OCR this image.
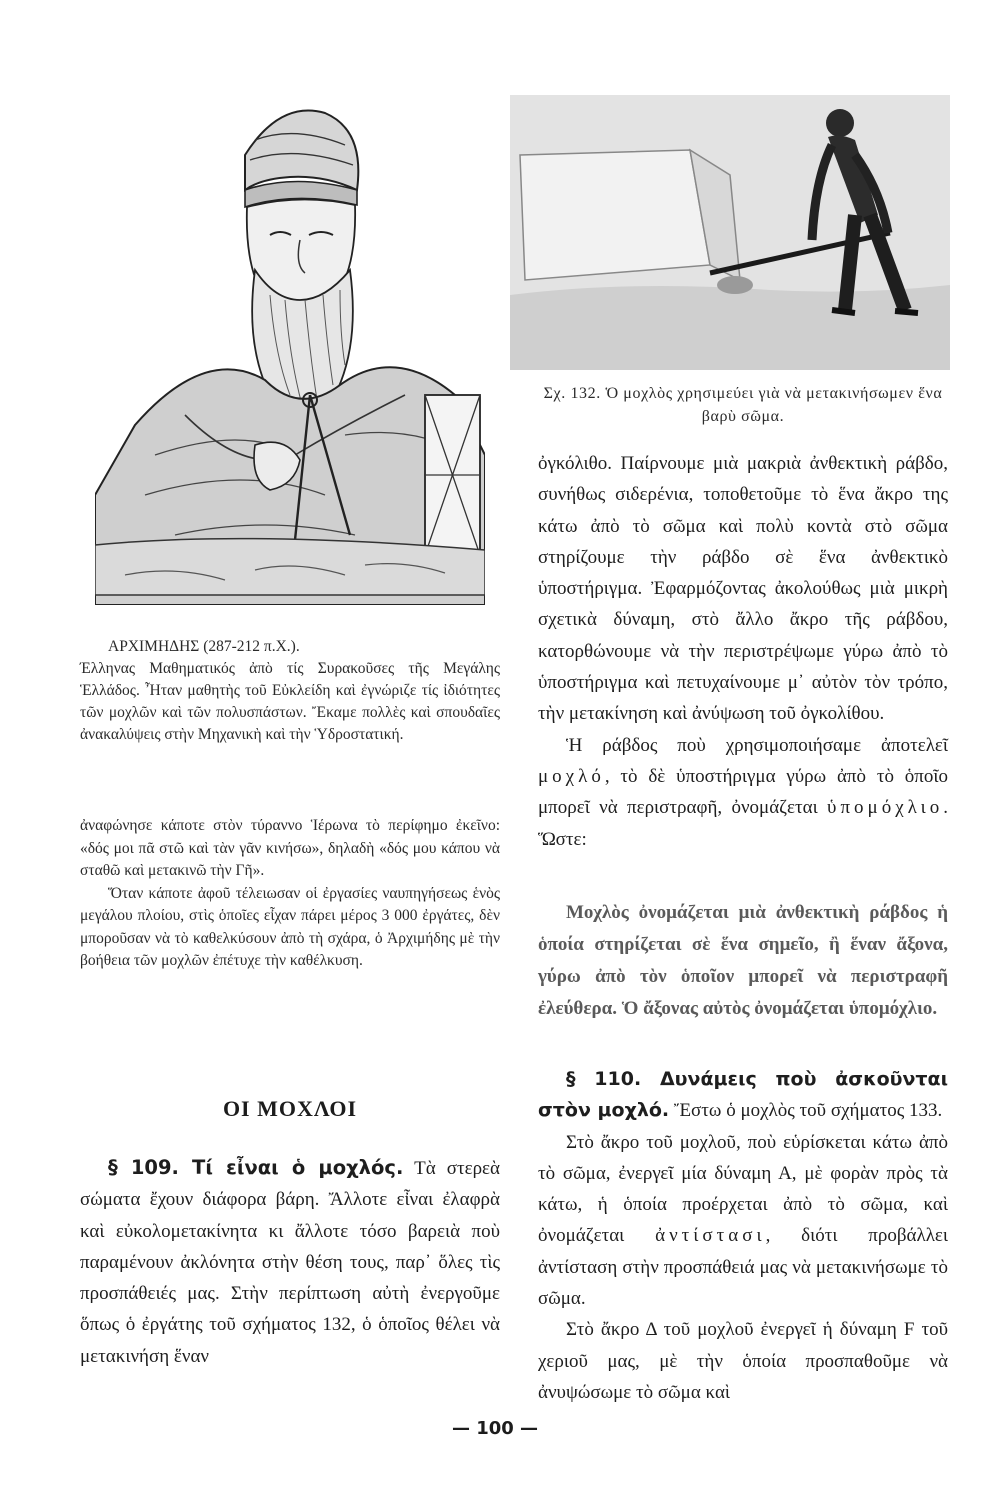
Σχ. 132. Ὁ μοχλὸς χρησιμεύει γιὰ νὰ μετακινήσωμεν ἕνα βαρὺ σῶμα.

ΑΡΧΙΜΗΔΗΣ (287-212 π.Χ.).

Έλληνας Μαθηματικός ἀπὸ τίς Συρακοῦσες τῆς Μεγάλης Ἑλλάδος. Ἦταν μαθητὴς τοῦ Εὐκλείδη καὶ ἐγνώριζε τίς ἰδιότητες τῶν μοχλῶν καὶ τῶν πολυσπάστων. Ἔκαμε πολλὲς καὶ σπουδαῖες ἀνακαλύψεις στὴν Μηχανικὴ καὶ τὴν Ὑδροστατική.

ἀναφώνησε κάποτε στὸν τύραννο Ἱέρωνα τὸ περίφημο ἐκεῖνο: «δός μοι πᾶ στῶ καὶ τὰν γᾶν κινήσω», δηλαδὴ «δός μου κάπου νὰ σταθῶ καὶ μετακινῶ τὴν Γῆ».

Ὅταν κάποτε ἀφοῦ τέλειωσαν οἱ ἐργασίες ναυπηγήσεως ἑνὸς μεγάλου πλοίου, στὶς ὁποῖες εἶχαν πάρει μέρος 3 000 ἐργάτες, δὲν μποροῦσαν νὰ τὸ καθελκύσουν ἀπὸ τὴ σχάρα, ὁ Ἀρχιμήδης μὲ τὴν βοήθεια τῶν μοχλῶν ἐπέτυχε τὴν καθέλκυση.

ΟΙ ΜΟΧΛΟΙ

§ 109. Τί εἶναι ὁ μοχλός. Τὰ στερεὰ σώματα ἔχουν διάφορα βάρη. Ἄλλοτε εἶναι ἐλαφρὰ καὶ εὐκολομετακίνητα κι ἄλλοτε τόσο βαρειὰ ποὺ παραμένουν ἀκλόνητα στὴν θέση τους, παρ᾽ ὅλες τὶς προσπάθειές μας. Στὴν περίπτωση αὐτὴ ἐνεργοῦμε ὅπως ὁ ἐργάτης τοῦ σχήματος 132, ὁ ὁποῖος θέλει νὰ μετακινήση ἕναν

ὀγκόλιθο. Παίρνουμε μιὰ μακριὰ ἀνθεκτικὴ ράβδο, συνήθως σιδερένια, τοποθετοῦμε τὸ ἕνα ἄκρο της κάτω ἀπὸ τὸ σῶμα καὶ πολὺ κοντὰ στὸ σῶμα στηρίζουμε τὴν ράβδο σὲ ἕνα ἀνθεκτικὸ ὑποστήριγμα. Ἐφαρμόζοντας ἀκολούθως μιὰ μικρὴ σχετικὰ δύναμη, στὸ ἄλλο ἄκρο τῆς ράβδου, κατορθώνουμε νὰ τὴν περιστρέψωμε γύρω ἀπὸ τὸ ὑποστήριγμα καὶ πετυχαίνουμε μ᾽ αὐτὸν τὸν τρόπο, τὴν μετακίνηση καὶ ἀνύψωση τοῦ ὀγκολίθου.

Ἡ ράβδος ποὺ χρησιμοποιήσαμε ἀποτελεῖ μοχλό, τὸ δὲ ὑποστήριγμα γύρω ἀπὸ τὸ ὁποῖο μπορεῖ νὰ περιστραφῆ, ὀνομάζεται ὑπομόχλιο. Ὥστε:

Μοχλὸς ὀνομάζεται μιὰ ἀνθεκτικὴ ράβδος ἡ ὁποία στηρίζεται σὲ ἕνα σημεῖο, ἢ ἕναν ἄξονα, γύρω ἀπὸ τὸν ὁποῖον μπορεῖ νὰ περιστραφῆ ἐλεύθερα. Ὁ ἄξονας αὐτὸς ὀνομάζεται ὑπομόχλιο.

§ 110. Δυνάμεις ποὺ ἀσκοῦνται στὸν μοχλό. Ἔστω ὁ μοχλὸς τοῦ σχήματος 133.

Στὸ ἄκρο τοῦ μοχλοῦ, ποὺ εὑρίσκεται κάτω ἀπὸ τὸ σῶμα, ἐνεργεῖ μία δύναμη Α, μὲ φορὰν πρὸς τὰ κάτω, ἡ ὁποία προέρχεται ἀπὸ τὸ σῶμα, καὶ ὀνομάζεται ἀντίστασι, διότι προβάλλει ἀντίσταση στὴν προσπάθειά μας νὰ μετακινήσωμε τὸ σῶμα.

Στὸ ἄκρο Δ τοῦ μοχλοῦ ἐνεργεῖ ἡ δύναμη F τοῦ χεριοῦ μας, μὲ τὴν ὁποία προσπαθοῦμε νὰ ἀνυψώσωμε τὸ σῶμα καὶ

— 100 —
